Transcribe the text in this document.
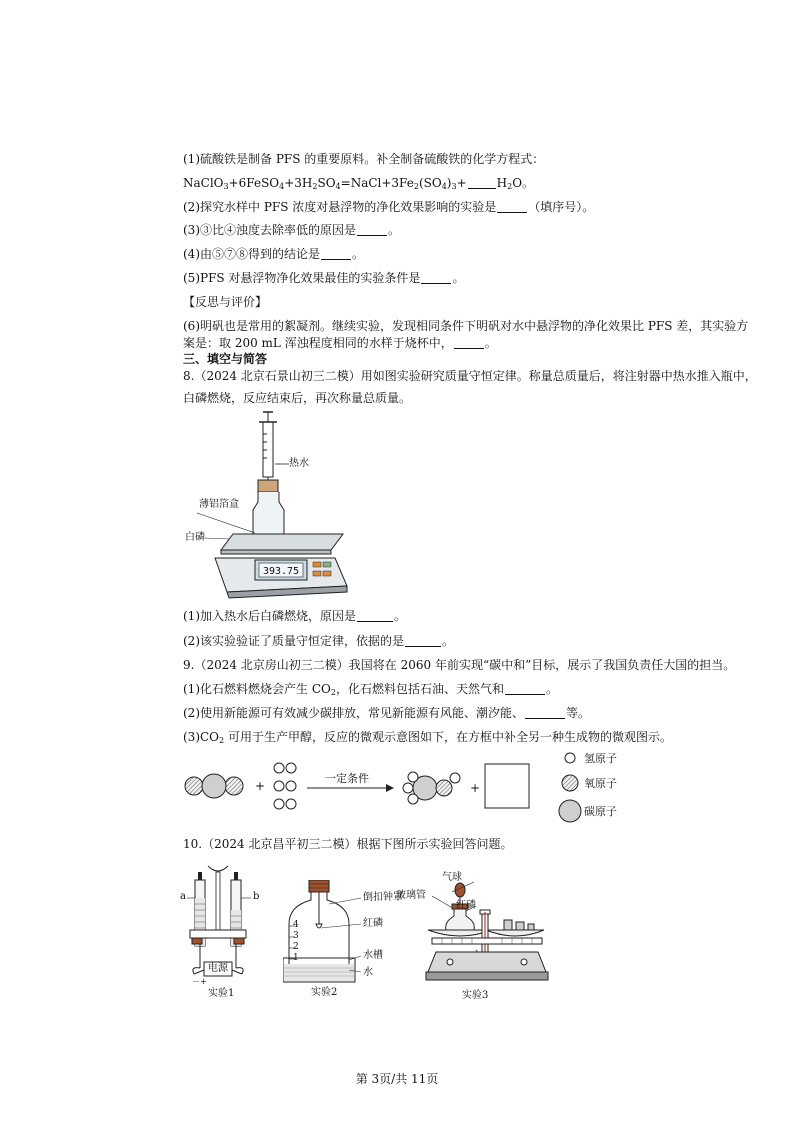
(1)硫酸铁是制备 PFS 的重要原料。补全制备硫酸铁的化学方程式：
$NaClO_3+6FeSO_4+3H_2SO_4=NaCl+3Fe_2(SO_4)_3+$	$H_2O$。
(2)探究水样中 PFS 浓度对悬浮物的净化效果影响的实验是	（填序号）。
(3)③比④浊度去除率低的原因是	。
(4)由⑤⑦⑧得到的结论是	。
(5)PFS 对悬浮物净化效果最佳的实验条件是	。
【反思与评价】
(6)明矾也是常用的絮凝剂。继续实验，发现相同条件下明矾对水中悬浮物的净化效果比 PFS 差，其实验方
案是：取 200 mL 浑浊程度相同的水样于烧杯中，	。
三、填空与简答
8.（2024 北京石景山初三二模）用如图实验研究质量守恒定律。称量总质量后，将注射器中热水推入瓶中，
白磷燃烧，反应结束后，再次称量总质量。
393.75
热水
薄铝箔盒
白磷
(1)加入热水后白磷燃烧，原因是	。
(2)该实验验证了质量守恒定律，依据的是	。
9.（2024 北京房山初三二模）我国将在 2060 年前实现“碳中和”目标，展示了我国负责任大国的担当。
(1)化石燃料燃烧会产生 $CO_2$，化石燃料包括石油、天然气和	。
(2)使用新能源可有效减少碳排放，常见新能源有风能、潮汐能、	等。
$(3)CO_2$ 可用于生产甲醇，反应的微观示意图如下，在方框中补全另一种生成物的微观图示。
+
一定条件
+
氢原子
氧原子
碳原子
10.（2024 北京昌平初三二模）根据下图所示实验回答问题。
a	b
电源
－ +
实验1
4
3
2
1
倒扣钟罩
红磷
水槽
水
实验2
气球
玻璃管
红磷
实验3
第 3页/共 11页
